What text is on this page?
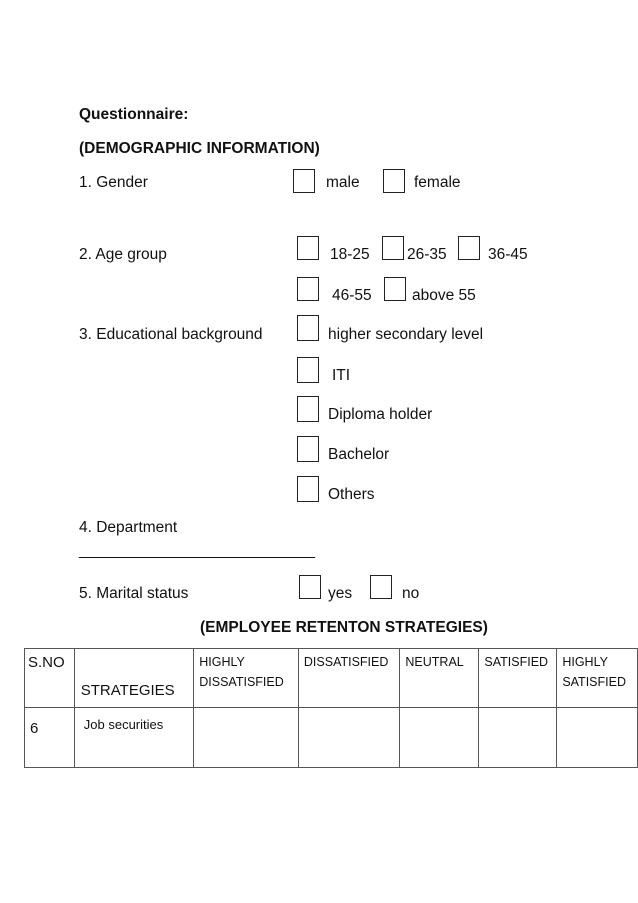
Questionnaire:
(DEMOGRAPHIC INFORMATION)
1. Gender	male	female
2. Age group	18-25 26-35	36-45
46-55	above 55
3. Educational background	higher secondary level
ITI
Diploma holder
Bachelor
Others
4. Department
____________________________
5. Marital status	yes	no
(EMPLOYEE RETENTON STRATEGIES)
S.NO	STRATEGIES	HIGHLY DISSATISFIED	DISSATISFIED	NEUTRAL	SATISFIED	HIGHLY SATISFIED

6	Job securities					
